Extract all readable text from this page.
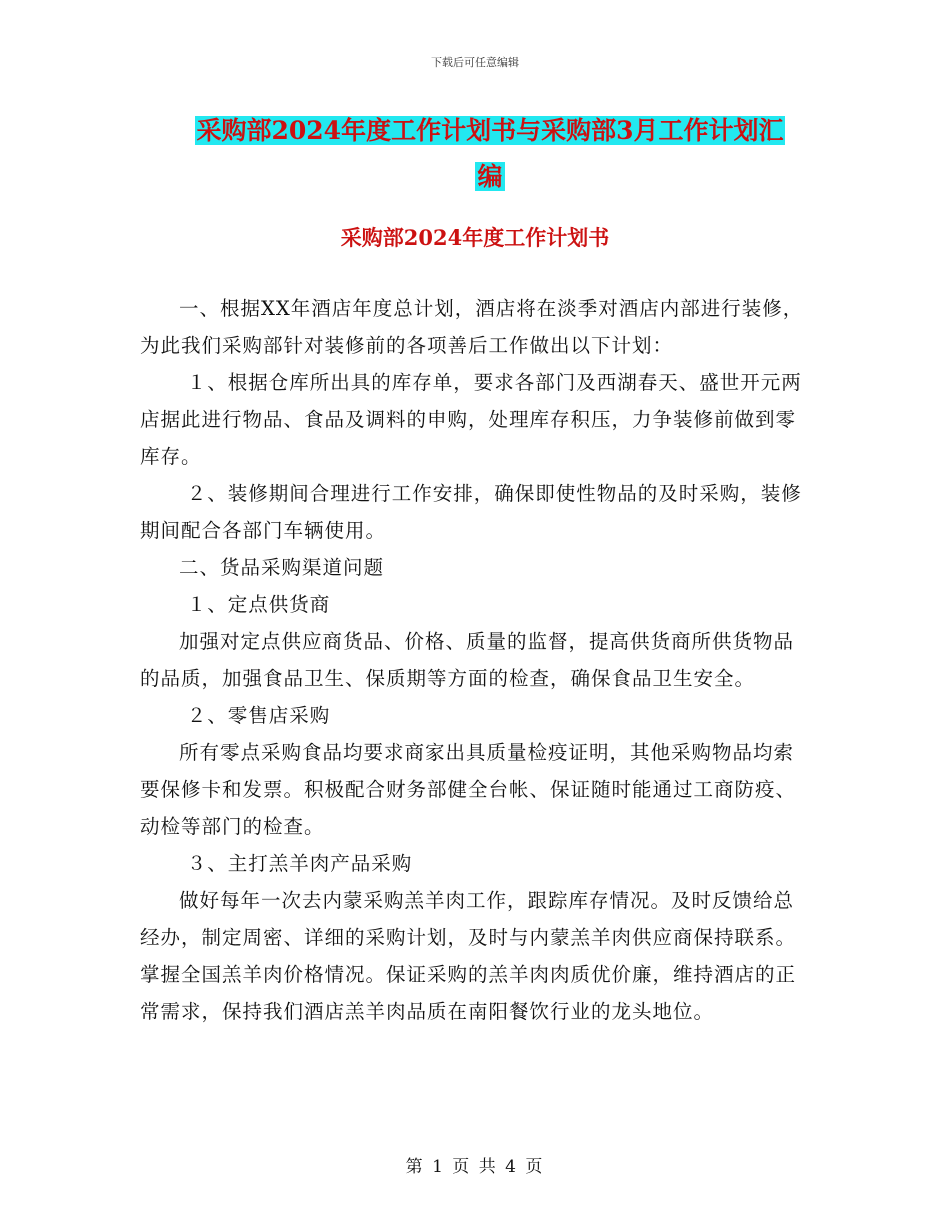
下载后可任意编辑
采购部2024年度工作计划书与采购部3月工作计划汇
编
采购部2024年度工作计划书

一、根据XX年酒店年度总计划，酒店将在淡季对酒店内部进行装修，为此我们采购部针对装修前的各项善后工作做出以下计划：

１、根据仓库所出具的库存单，要求各部门及西湖春天、盛世开元两店据此进行物品、食品及调料的申购，处理库存积压，力争装修前做到零库存。

２、装修期间合理进行工作安排，确保即使性物品的及时采购，装修期间配合各部门车辆使用。

二、货品采购渠道问题

１、定点供货商

加强对定点供应商货品、价格、质量的监督，提高供货商所供货物品的品质，加强食品卫生、保质期等方面的检查，确保食品卫生安全。

２、零售店采购

所有零点采购食品均要求商家出具质量检疫证明，其他采购物品均索要保修卡和发票。积极配合财务部健全台帐、保证随时能通过工商防疫、动检等部门的检查。

３、主打羔羊肉产品采购

做好每年一次去内蒙采购羔羊肉工作，跟踪库存情况。及时反馈给总经办，制定周密、详细的采购计划，及时与内蒙羔羊肉供应商保持联系。掌握全国羔羊肉价格情况。保证采购的羔羊肉肉质优价廉，维持酒店的正常需求，保持我们酒店羔羊肉品质在南阳餐饮行业的龙头地位。

第 1 页 共 4 页
